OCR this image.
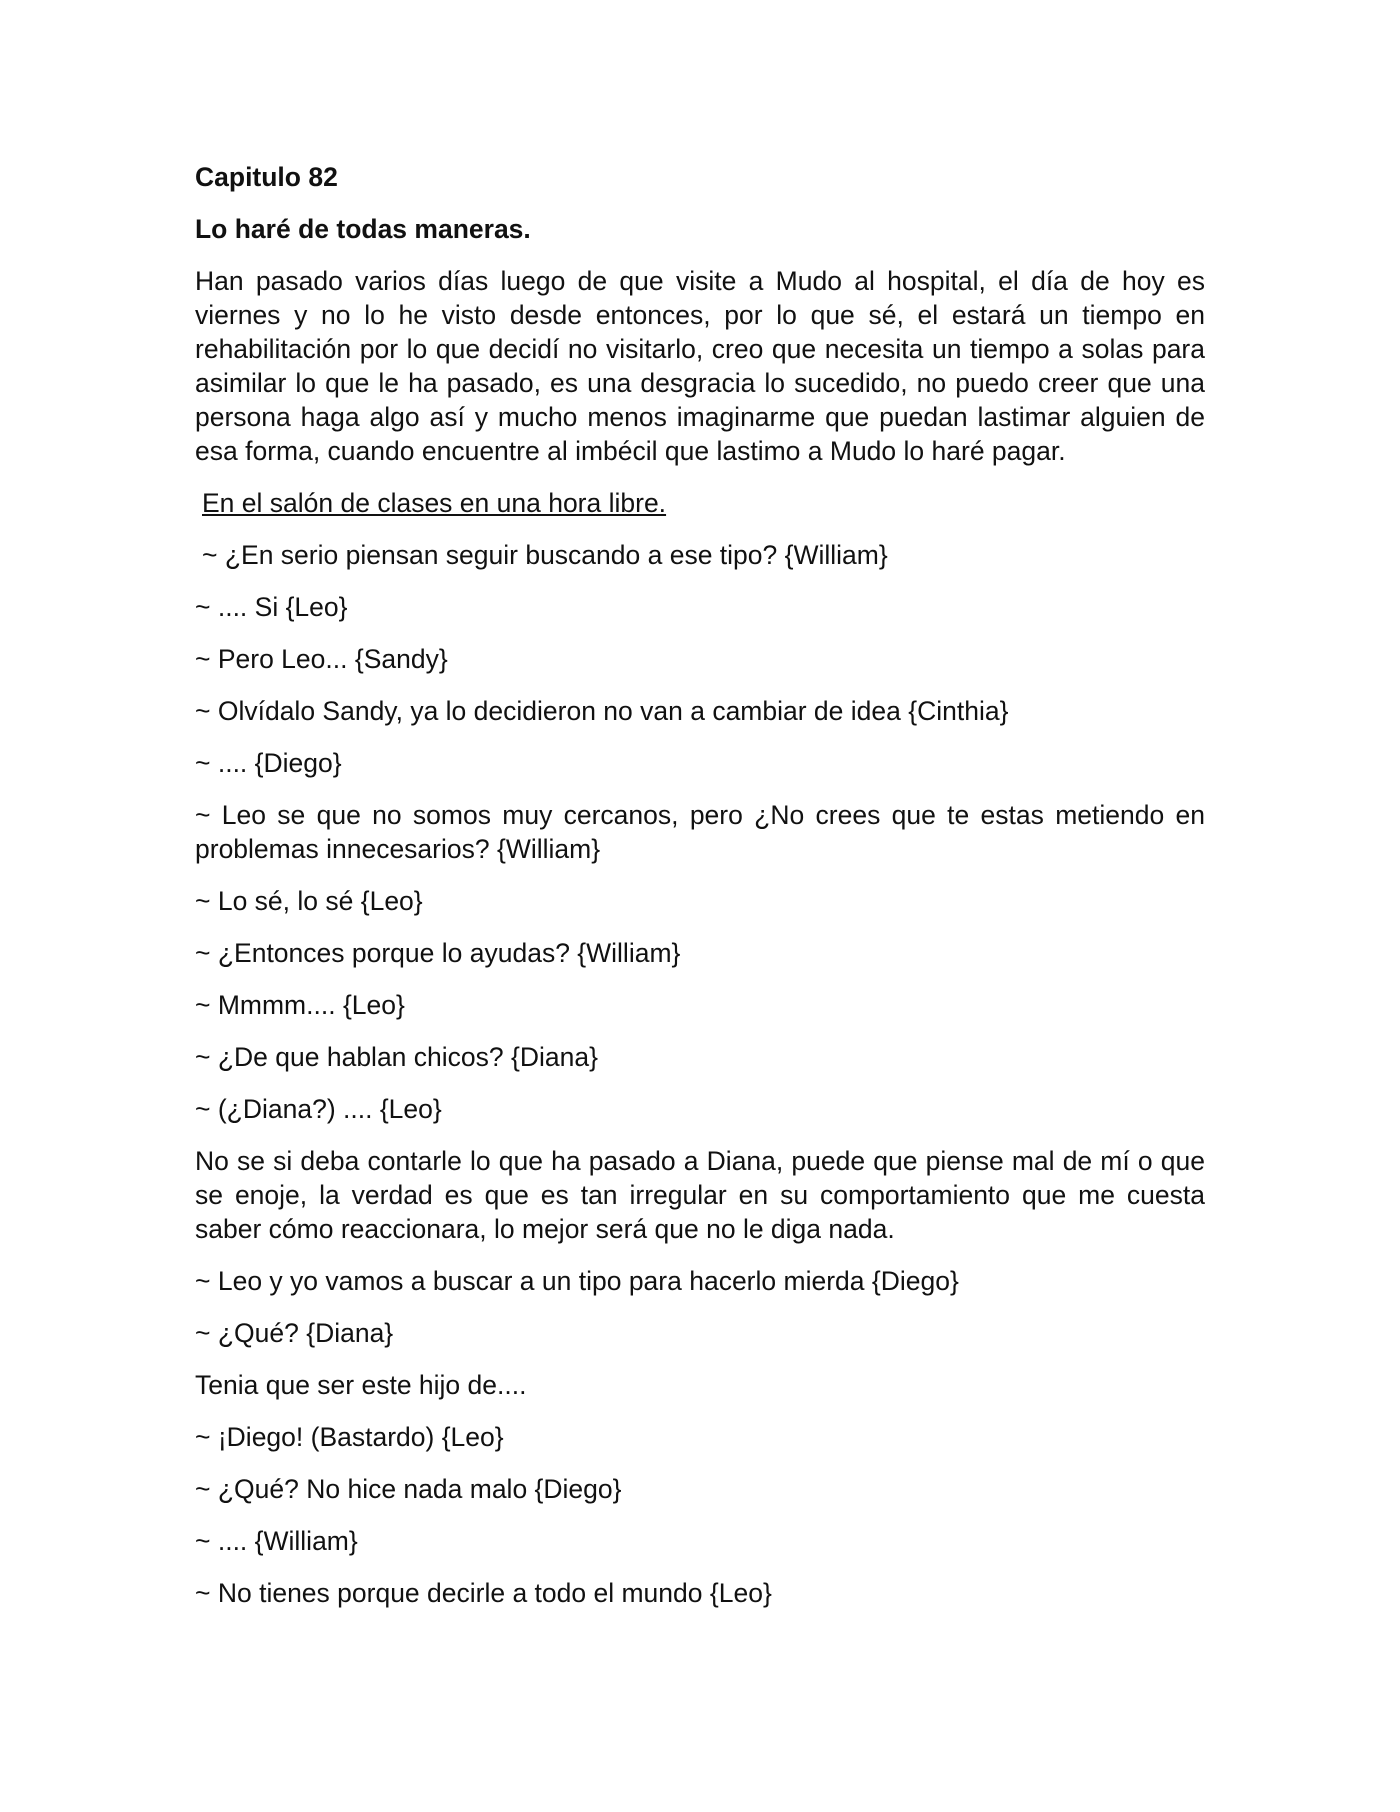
Capitulo 82
Lo haré de todas maneras.
Han pasado varios días luego de que visite a Mudo al hospital, el día de hoy es viernes y no lo he visto desde entonces, por lo que sé, el estará un tiempo en rehabilitación por lo que decidí no visitarlo, creo que necesita un tiempo a solas para asimilar lo que le ha pasado, es una desgracia lo sucedido, no puedo creer que una persona haga algo así y mucho menos imaginarme que puedan lastimar alguien de esa forma, cuando encuentre al imbécil que lastimo a Mudo lo haré pagar.
En el salón de clases en una hora libre.
~ ¿En serio piensan seguir buscando a ese tipo? {William}
~ .... Si {Leo}
~ Pero Leo... {Sandy}
~ Olvídalo Sandy, ya lo decidieron no van a cambiar de idea {Cinthia}
~ .... {Diego}
~ Leo se que no somos muy cercanos, pero ¿No crees que te estas metiendo en problemas innecesarios? {William}
~ Lo sé, lo sé {Leo}
~ ¿Entonces porque lo ayudas? {William}
~ Mmmm.... {Leo}
~ ¿De que hablan chicos? {Diana}
~ (¿Diana?) .... {Leo}
No se si deba contarle lo que ha pasado a Diana, puede que piense mal de mí o que se enoje, la verdad es que es tan irregular en su comportamiento que me cuesta saber cómo reaccionara, lo mejor será que no le diga nada.
~ Leo y yo vamos a buscar a un tipo para hacerlo mierda {Diego}
~ ¿Qué? {Diana}
Tenia que ser este hijo de....
~ ¡Diego! (Bastardo) {Leo}
~ ¿Qué? No hice nada malo {Diego}
~ .... {William}
~ No tienes porque decirle a todo el mundo {Leo}
